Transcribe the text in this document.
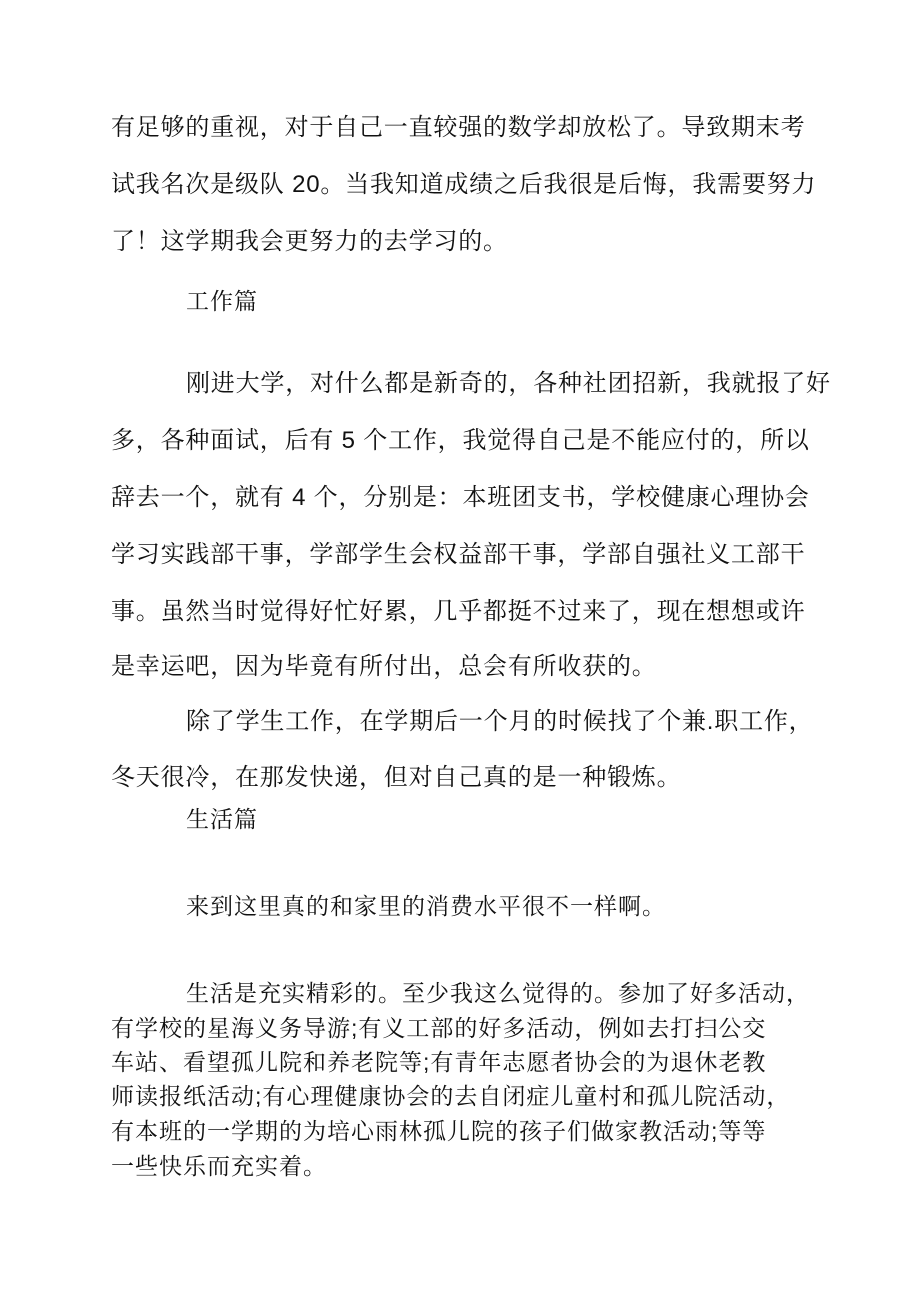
有足够的重视，对于自己一直较强的数学却放松了。导致期末考
试我名次是级队 20。当我知道成绩之后我很是后悔，我需要努力
了！这学期我会更努力的去学习的。
工作篇
刚进大学，对什么都是新奇的，各种社团招新，我就报了好
多，各种面试，后有 5 个工作，我觉得自己是不能应付的，所以
辞去一个，就有 4 个，分别是：本班团支书，学校健康心理协会
学习实践部干事，学部学生会权益部干事，学部自强社义工部干
事。虽然当时觉得好忙好累，几乎都挺不过来了，现在想想或许
是幸运吧，因为毕竟有所付出，总会有所收获的。
除了学生工作，在学期后一个月的时候找了个兼.职工作，
冬天很冷，在那发快递，但对自己真的是一种锻炼。
生活篇
来到这里真的和家里的消费水平很不一样啊。
生活是充实精彩的。至少我这么觉得的。参加了好多活动，
有学校的星海义务导游;有义工部的好多活动，例如去打扫公交
车站、看望孤儿院和养老院等;有青年志愿者协会的为退休老教
师读报纸活动;有心理健康协会的去自闭症儿童村和孤儿院活动，
有本班的一学期的为培心雨林孤儿院的孩子们做家教活动;等等
一些快乐而充实着。
